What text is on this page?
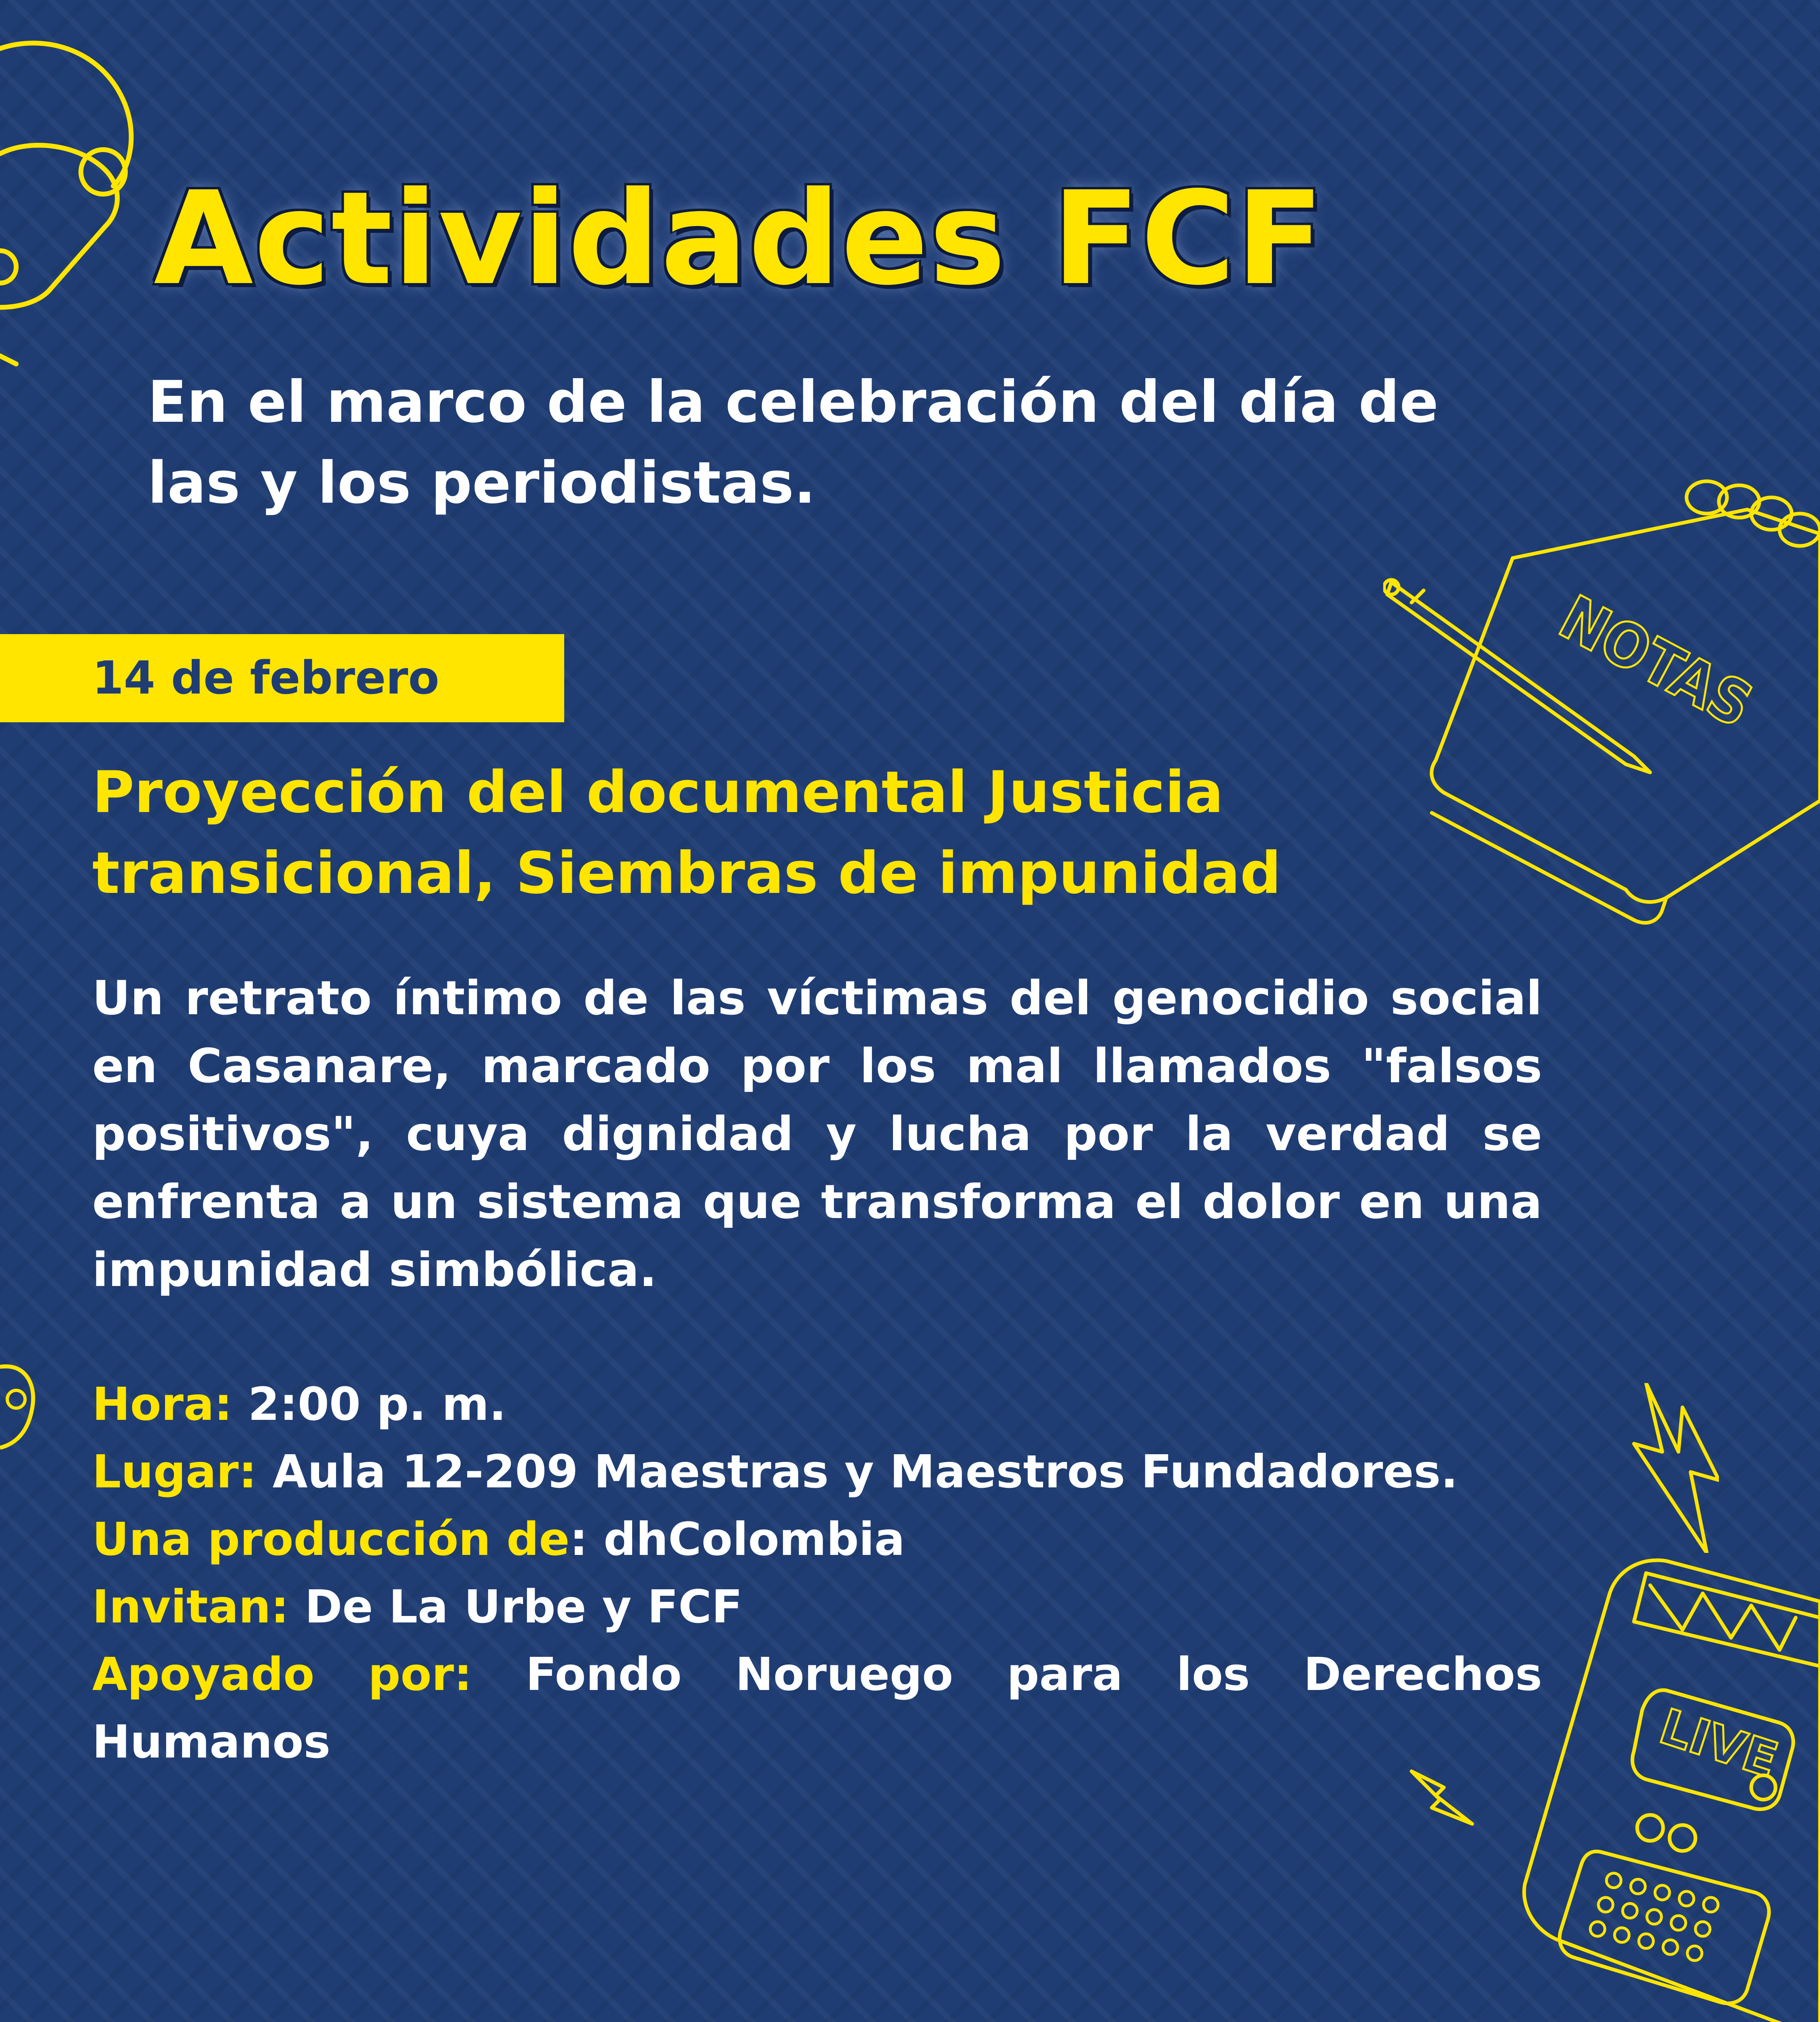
NOTAS
LIVE
Actividades FCF
En el marco de la celebración del día de
las y los periodistas.
14 de febrero
Proyección del documental Justicia
transicional, Siembras de impunidad
Un retrato íntimo de las víctimas del genocidio social en Casanare, marcado por los mal llamados "falsos positivos", cuya dignidad y lucha por la verdad se enfrenta a un sistema que transforma el dolor en una impunidad simbólica.
Hora: 2:00 p. m.
Lugar: Aula 12-209 Maestras y Maestros Fundadores.
Una producción de: dhColombia
Invitan: De La Urbe y FCF
Apoyado por: Fondo Noruego para los Derechos
Humanos
